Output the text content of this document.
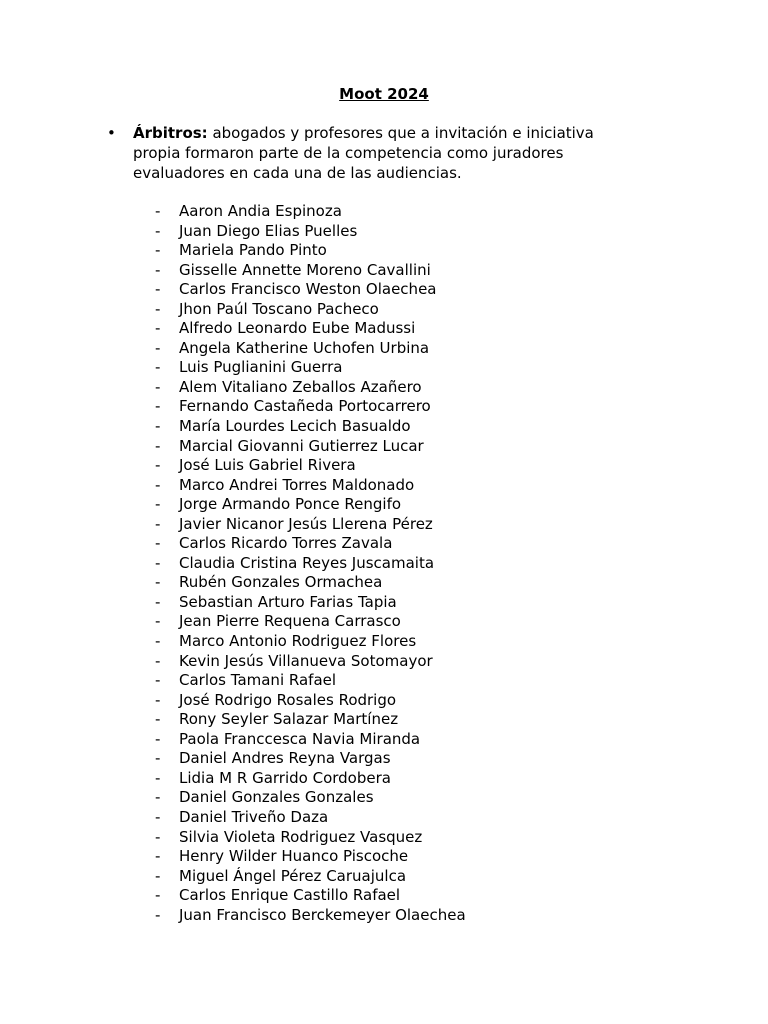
Moot 2024
• Árbitros: abogados y profesores que a invitación e iniciativa propia formaron parte de la competencia como juradores evaluadores en cada una de las audiencias.
- Aaron Andia Espinoza
- Juan Diego Elias Puelles
- Mariela Pando Pinto
- Gisselle Annette Moreno Cavallini
- Carlos Francisco Weston Olaechea
- Jhon Paúl Toscano Pacheco
- Alfredo Leonardo Eube Madussi
- Angela Katherine Uchofen Urbina
- Luis Puglianini Guerra
- Alem Vitaliano Zeballos Azañero
- Fernando Castañeda Portocarrero
- María Lourdes Lecich Basualdo
- Marcial Giovanni Gutierrez Lucar
- José Luis Gabriel Rivera
- Marco Andrei Torres Maldonado
- Jorge Armando Ponce Rengifo
- Javier Nicanor Jesús Llerena Pérez
- Carlos Ricardo Torres Zavala
- Claudia Cristina Reyes Juscamaita
- Rubén Gonzales Ormachea
- Sebastian Arturo Farias Tapia
- Jean Pierre Requena Carrasco
- Marco Antonio Rodriguez Flores
- Kevin Jesús Villanueva Sotomayor
- Carlos Tamani Rafael
- José Rodrigo Rosales Rodrigo
- Rony Seyler Salazar Martínez
- Paola Franccesca Navia Miranda
- Daniel Andres Reyna Vargas
- Lidia M R Garrido Cordobera
- Daniel Gonzales Gonzales
- Daniel Triveño Daza
- Silvia Violeta Rodriguez Vasquez
- Henry Wilder Huanco Piscoche
- Miguel Ángel Pérez Caruajulca
- Carlos Enrique Castillo Rafael
- Juan Francisco Berckemeyer Olaechea
